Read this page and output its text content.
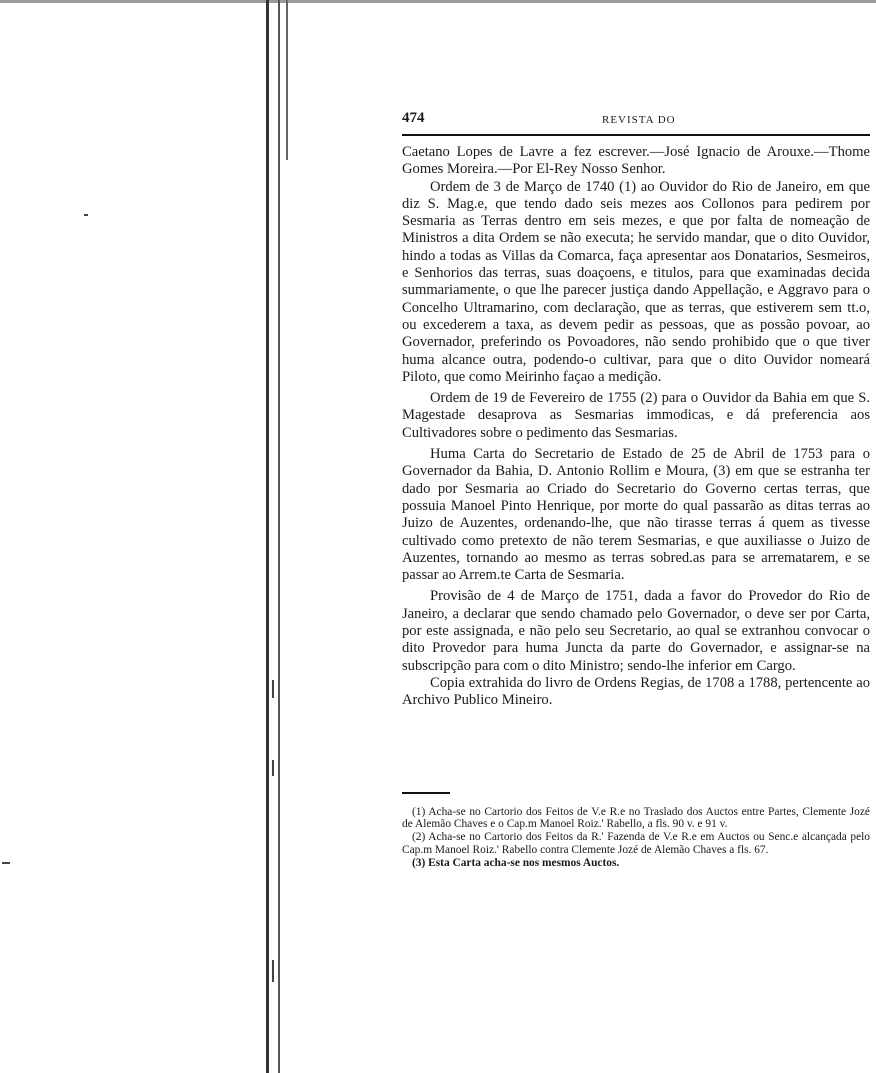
474	REVISTA DO

Caetano Lopes de Lavre a fez escrever.—José Ignacio de Arouxe.—Thome Gomes Moreira.—Por El-Rey Nosso Senhor.

Ordem de 3 de Março de 1740 (1) ao Ouvidor do Rio de Janeiro, em que diz S. Mag.e, que tendo dado seis mezes aos Collonos para pedirem por Sesmaria as Terras dentro em seis mezes, e que por falta de nomeação de Ministros a dita Ordem se não executa; he servido mandar, que o dito Ouvidor, hindo a todas as Villas da Comarca, faça apresentar aos Donatarios, Sesmeiros, e Senhorios das terras, suas doaçoens, e titulos, para que examinadas decida summariamente, o que lhe parecer justiça dando Appellação, e Aggravo para o Concelho Ultramarino, com declaração, que as terras, que estiverem sem tt.o, ou excederem a taxa, as devem pedir as pessoas, que as possão povoar, ao Governador, preferindo os Povoadores, não sendo prohibido que o que tiver huma alcance outra, podendo-o cultivar, para que o dito Ouvidor nomeará Piloto, que como Meirinho façao a medição.

Ordem de 19 de Fevereiro de 1755 (2) para o Ouvidor da Bahia em que S. Magestade desaprova as Sesmarias immodicas, e dá preferencia aos Cultivadores sobre o pedimento das Sesmarias.

Huma Carta do Secretario de Estado de 25 de Abril de 1753 para o Governador da Bahia, D. Antonio Rollim e Moura, (3) em que se estranha ter dado por Sesmaria ao Criado do Secretario do Governo certas terras, que possuia Manoel Pinto Henrique, por morte do qual passarão as ditas terras ao Juizo de Auzentes, ordenando-lhe, que não tirasse terras á quem as tivesse cultivado como pretexto de não terem Sesmarias, e que auxiliasse o Juizo de Auzentes, tornando ao mesmo as terras sobred.as para se arrematarem, e se passar ao Arrem.te Carta de Sesmaria.

Provisão de 4 de Março de 1751, dada a favor do Provedor do Rio de Janeiro, a declarar que sendo chamado pelo Governador, o deve ser por Carta, por este assignada, e não pelo seu Secretario, ao qual se extranhou convocar o dito Provedor para huma Juncta da parte do Governador, e assignar-se na subscripção para com o dito Ministro; sendo-lhe inferior em Cargo.

Copia extrahida do livro de Ordens Regias, de 1708 a 1788, pertencente ao Archivo Publico Mineiro.

(1) Acha-se no Cartorio dos Feitos de V.e R.e no Traslado dos Auctos entre Partes, Clemente Jozé de Alemão Chaves e o Cap.m Manoel Roiz.' Rabello, a fls. 90 v. e 91 v.

(2) Acha-se no Cartorio dos Feitos da R.' Fazenda de V.e R.e em Auctos ou Senc.e alcançada pelo Cap.m Manoel Roiz.' Rabello contra Clemente Jozé de Alemão Chaves a fls. 67.

(3) Esta Carta acha-se nos mesmos Auctos.
